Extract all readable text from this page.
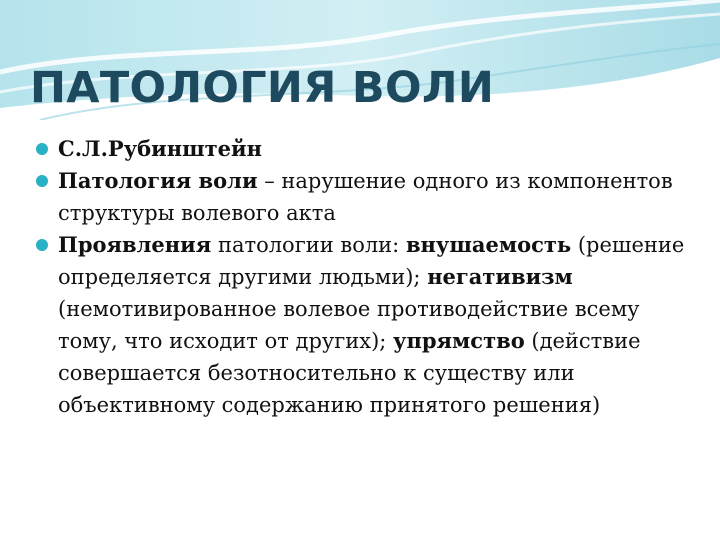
ПАТОЛОГИЯ ВОЛИ
С.Л.Рубинштейн
Патология воли – нарушение одного из компонентов структуры волевого акта
Проявления патологии воли: внушаемость (решение определяется другими людьми); негативизм (немотивированное волевое противодействие всему тому, что исходит от других); упрямство (действие совершается безотносительно к существу или объективному содержанию принятого решения)
